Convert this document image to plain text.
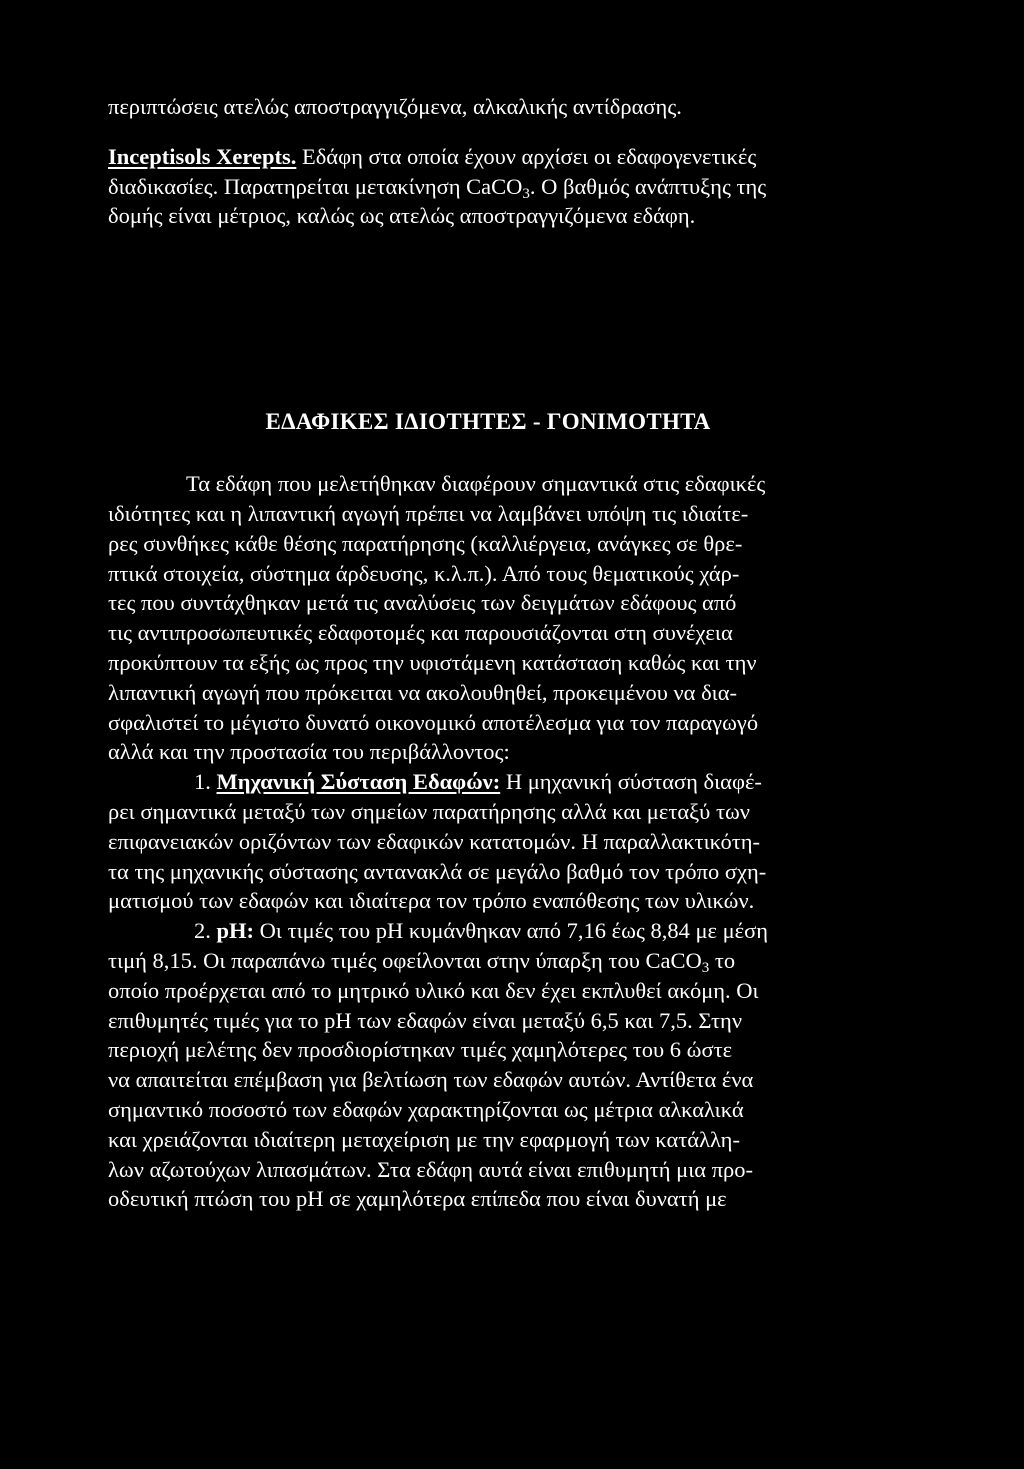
περιπτώσεις ατελώς αποστραγγιζόμενα, αλκαλικής αντίδρασης.
Inceptisols Xerepts. Εδάφη στα οποία έχουν αρχίσει οι εδαφογενετικές
διαδικασίες. Παρατηρείται μετακίνηση CaCO$_3$. Ο βαθμός ανάπτυξης της
δομής είναι μέτριος, καλώς ως ατελώς αποστραγγιζόμενα εδάφη.
ΕΔΑΦΙΚΕΣ ΙΔΙΟΤΗΤΕΣ - ΓΟΝΙΜΟΤΗΤΑ
Τα εδάφη που μελετήθηκαν διαφέρουν σημαντικά στις εδαφικές
ιδιότητες και η λιπαντική αγωγή πρέπει να λαμβάνει υπόψη τις ιδιαίτε-
ρες συνθήκες κάθε θέσης παρατήρησης (καλλιέργεια, ανάγκες σε θρε-
πτικά στοιχεία, σύστημα άρδευσης, κ.λ.π.). Από τους θεματικούς χάρ-
τες που συντάχθηκαν μετά τις αναλύσεις των δειγμάτων εδάφους από
τις αντιπροσωπευτικές εδαφοτομές και παρουσιάζονται στη συνέχεια
προκύπτουν τα εξής ως προς την υφιστάμενη κατάσταση καθώς και την
λιπαντική αγωγή που πρόκειται να ακολουθηθεί, προκειμένου να δια-
σφαλιστεί το μέγιστο δυνατό οικονομικό αποτέλεσμα για τον παραγωγό
αλλά και την προστασία του περιβάλλοντος:
1. Μηχανική Σύσταση Εδαφών: Η μηχανική σύσταση διαφέ-
ρει σημαντικά μεταξύ των σημείων παρατήρησης αλλά και μεταξύ των
επιφανειακών οριζόντων των εδαφικών κατατομών. Η παραλλακτικότη-
τα της μηχανικής σύστασης αντανακλά σε μεγάλο βαθμό τον τρόπο σχη-
ματισμού των εδαφών και ιδιαίτερα τον τρόπο εναπόθεσης των υλικών.
2. pH: Οι τιμές του pH κυμάνθηκαν από 7,16 έως 8,84 με μέση
τιμή 8,15. Οι παραπάνω τιμές οφείλονται στην ύπαρξη του CaCO$_3$ το
οποίο προέρχεται από το μητρικό υλικό και δεν έχει εκπλυθεί ακόμη. Οι
επιθυμητές τιμές για το pH των εδαφών είναι μεταξύ 6,5 και 7,5. Στην
περιοχή μελέτης δεν προσδιορίστηκαν τιμές χαμηλότερες του 6 ώστε
να απαιτείται επέμβαση για βελτίωση των εδαφών αυτών. Αντίθετα ένα
σημαντικό ποσοστό των εδαφών χαρακτηρίζονται ως μέτρια αλκαλικά
και χρειάζονται ιδιαίτερη μεταχείριση με την εφαρμογή των κατάλλη-
λων αζωτούχων λιπασμάτων. Στα εδάφη αυτά είναι επιθυμητή μια προ-
οδευτική πτώση του pH σε χαμηλότερα επίπεδα που είναι δυνατή με
